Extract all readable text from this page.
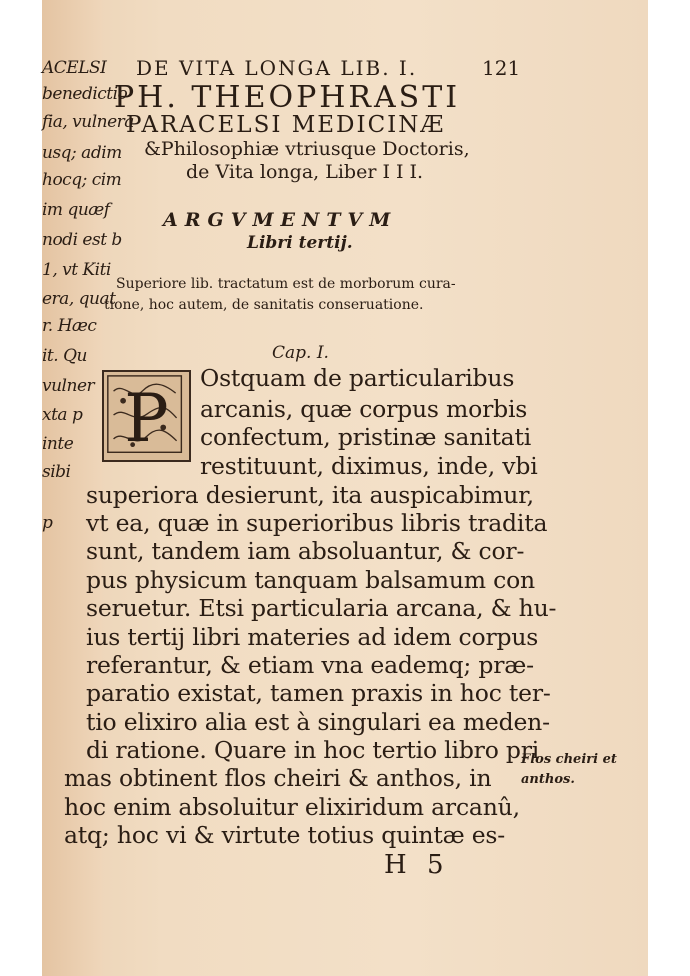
ACELSI
benedictio
fia, vulnera
usq; adim
hocq; cim
im quæf
nodi est b
1, vt Kiti
era, quat
r. Hæc
it. Qu
vulner
xta p
inte
sibi
p
DE VITA LONGA LIB. I.	121
PH. THEOPHRASTI
PARACELSI MEDICINÆ
&Philosophiæ vtriusque Doctoris,
de Vita longa, Liber I I I.
ARGVMENTVM
Libri tertij.
Superiore lib. tractatum est de morborum cura-
tione, hoc autem, de sanitatis conseruatione.
Cap. I.
P
Ostquam de particularibus
arcanis, quæ corpus morbis
confectum, pristinæ sanitati
restituunt, diximus, inde, vbi
superiora desierunt, ita auspicabimur,
vt ea, quæ in superioribus libris tradita
sunt, tandem iam absoluantur, & cor-
pus physicum tanquam balsamum con
seruetur. Etsi particularia arcana, & hu-
ius tertij libri materies ad idem corpus
referantur, & etiam vna eademq; præ-
paratio existat, tamen praxis in hoc ter-
tio elixiro alia est à singulari ea meden-
di ratione. Quare in hoc tertio libro pri
mas obtinent flos cheiri & anthos, in
hoc enim absoluitur elixiridum arcanû,
atq; hoc vi & virtute totius quintæ es-
Flos cheiri et
anthos.
H 5
